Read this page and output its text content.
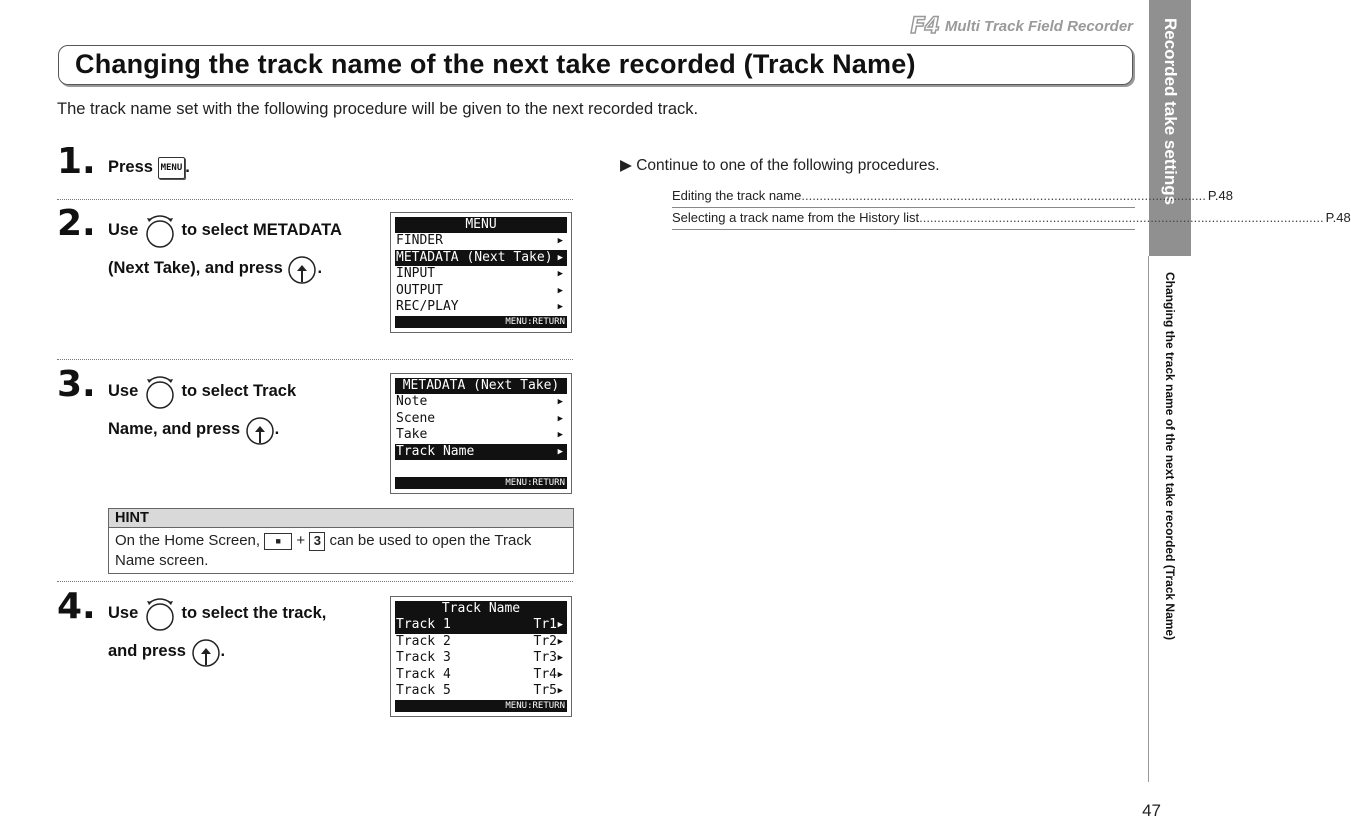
F4 Multi Track Field Recorder Recorded take settings
Changing the track name of the next take recorded (Track Name)
Changing the track name of the next take recorded (Track Name)

The track name set with the following procedure will be given to the next recorded track.

1. Press MENU .
2. Use	to select METADATA
(Next Take), and press .
MENU
FINDER	▶
METADATA (Next Take) ▶
INPUT	▶
OUTPUT	▶
REC/PLAY	▶
MENU:RETURN
3. Use	to select Track
Name, and press .
METADATA (Next Take)
Note	▶
Scene	▶
Take	▶
Track Name	▶
MENU:RETURN
HINT
On the Home Screen, ■ + 3 can be used to open the Track Name screen.
4. Use	to select the track,
and press .
Track Name
Track 1	Tr1 ▶
Track 2	Tr2 ▶
Track 3	Tr3 ▶
Track 4	Tr4 ▶
Track 5	Tr5 ▶
MENU:RETURN
▶ Continue to one of the following procedures.
Editing the track name ................................................................................................................ P.48
Selecting a track name from the History list ................................................................................................................ P.48
47
